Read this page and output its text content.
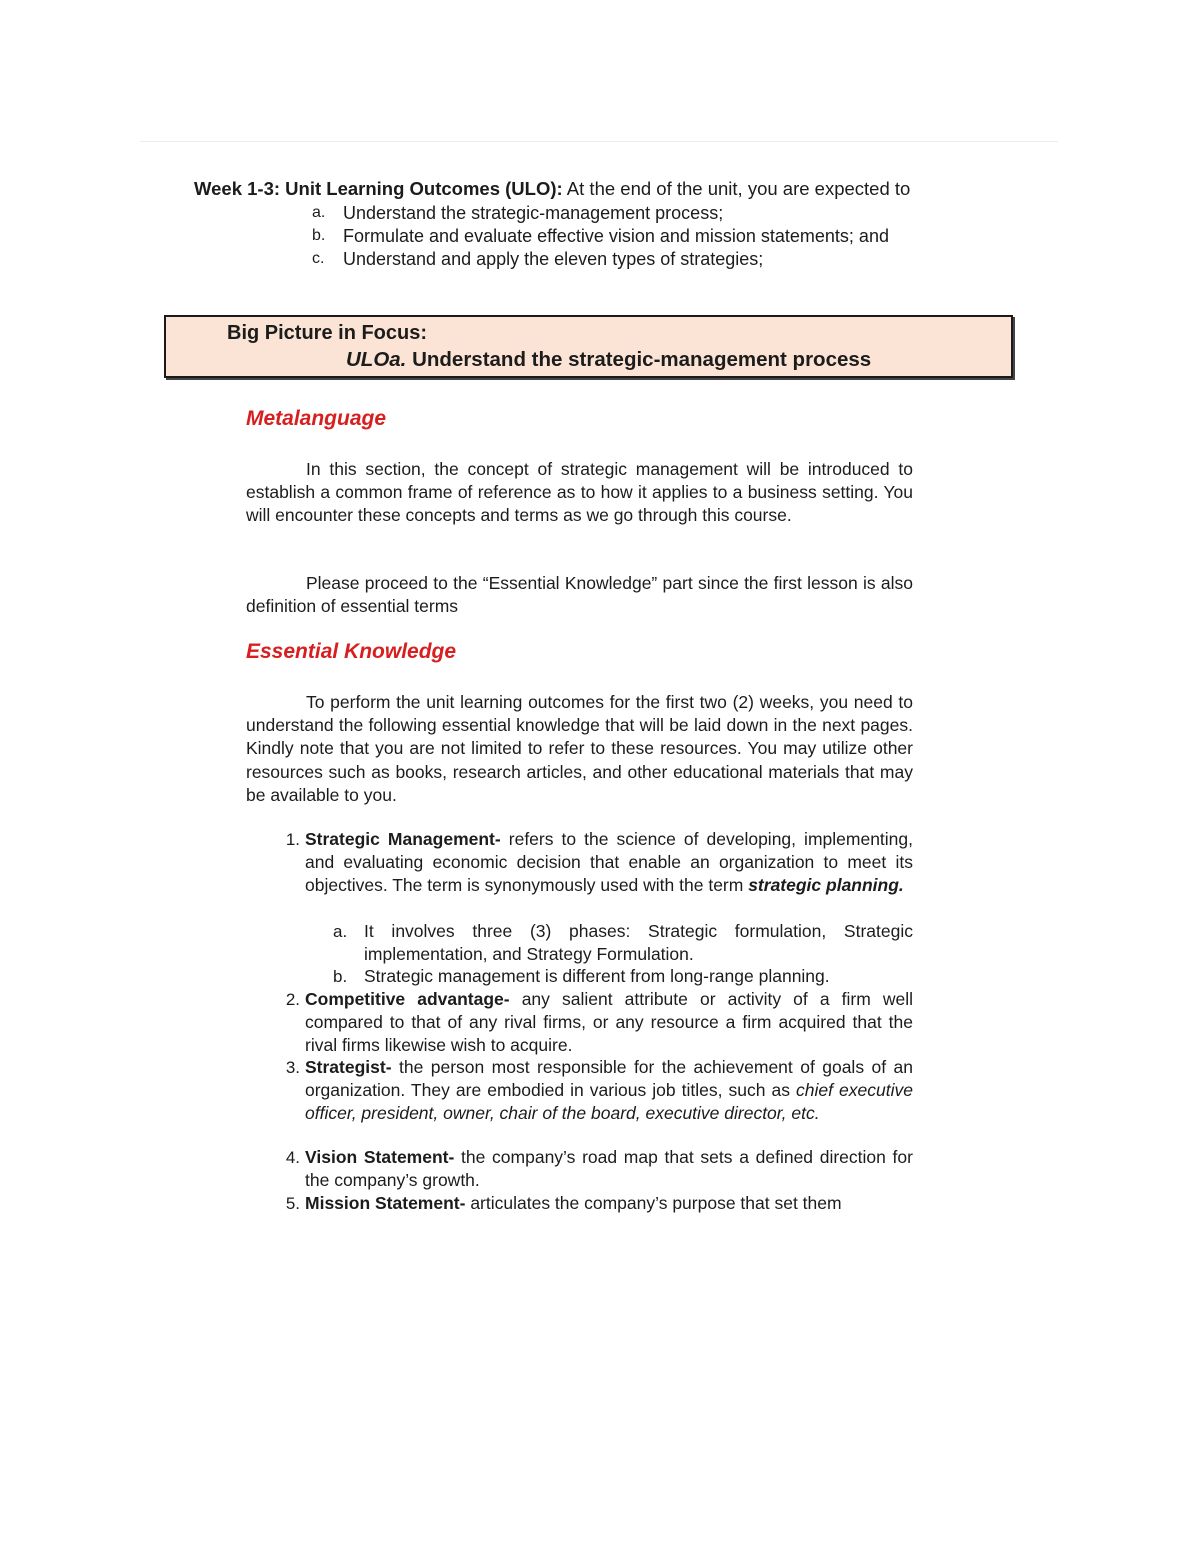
Week 1-3: Unit Learning Outcomes (ULO): At the end of the unit, you are expected to
a. Understand the strategic-management process;
b. Formulate and evaluate effective vision and mission statements; and
c.	Understand and apply the eleven types of strategies;
Big Picture in Focus:
ULOa. Understand the strategic-management process
Metalanguage

In this section, the concept of strategic management will be introduced to establish a common frame of reference as to how it applies to a business setting. You will encounter these concepts and terms as we go through this course.

Please proceed to the “Essential Knowledge” part since the first lesson is also definition of essential terms

Essential Knowledge

To perform the unit learning outcomes for the first two (2) weeks, you need to understand the following essential knowledge that will be laid down in the next pages. Kindly note that you are not limited to refer to these resources. You may utilize other resources such as books, research articles, and other educational materials that may be available to you.

1. Strategic Management- refers to the science of developing, implementing, and evaluating economic decision that enable an organization to meet its objectives. The term is synonymously used with the term strategic planning.

a. It involves three (3) phases: Strategic formulation, Strategic implementation, and Strategy Formulation.

b. Strategic management is different from long-range planning.

2. Competitive advantage- any salient attribute or activity of a firm well compared to that of any rival firms, or any resource a firm acquired that the rival firms likewise wish to acquire.

3. Strategist- the person most responsible for the achievement of goals of an organization. They are embodied in various job titles, such as chief executive officer, president, owner, chair of the board, executive director, etc.

4. Vision Statement- the company’s road map that sets a defined direction for the company’s growth.

5. Mission Statement- articulates the company’s purpose that set them
